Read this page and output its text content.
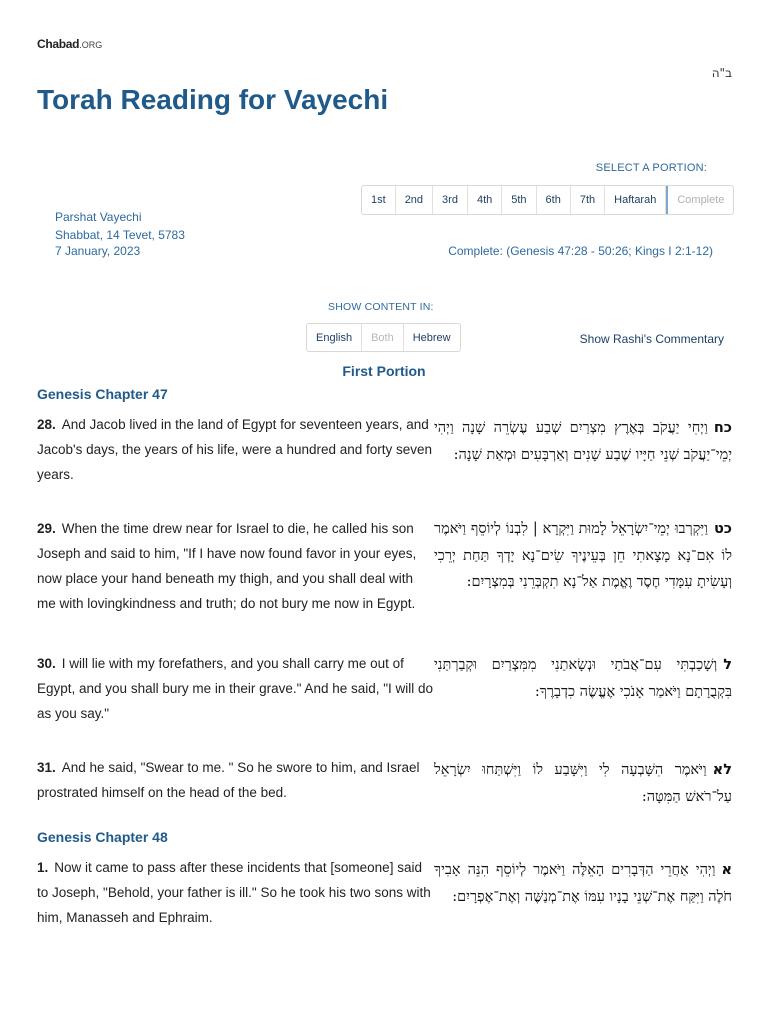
Chabad.ORG
ב"ה
Torah Reading for Vayechi
SELECT A PORTION:
1st	2nd	3rd	4th	5th	6th	7th	Haftarah	Complete
Parshat Vayechi
Shabbat, 14 Tevet, 5783
7 January, 2023	Complete: (Genesis 47:28 - 50:26; Kings I 2:1-12)
SHOW CONTENT IN:
English	Both	Hebrew	Show Rashi's Commentary
First Portion
Genesis Chapter 47
28. And Jacob lived in the land of Egypt for seventeen years, and Jacob's days, the years of his life, were a hundred and forty seven years.
כחוַיְחִי יַעֲקֹב בְּאֶרֶץ מִצְרַיִם שְׁבַע עֶשְׂרֵה שָׁנָה וַיְהִי יְמֵי־יַעֲקֹב שְׁנֵי חַיָּיו שֶׁבַע שָׁנִים וְאַרְבָּעִים וּמְאַת שָׁנָה:
29. When the time drew near for Israel to die, he called his son Joseph and said to him, "If I have now found favor in your eyes, now place your hand beneath my thigh, and you shall deal with me with lovingkindness and truth; do not bury me now in Egypt.
כטוַיִּקְרְבוּ יְמֵי־יִשְׂרָאֵל לָמוּת וַיִּקְרָא | לִבְנוֹ לְיוֹסֵף וַיֹּאמֶר לוֹ אִם־נָא מָצָאתִי חֵן בְּעֵינֶיךָ שִׂים־נָא יָדְךָ תַּחַת יְרֵכִי וְעָשִׂיתָ עִמָּדִי חֶסֶד וֶאֱמֶת אַל־נָא תִקְבְּרֵנִי בְּמִצְרָיִם:
30. I will lie with my forefathers, and you shall carry me out of Egypt, and you shall bury me in their grave." And he said, "I will do as you say."
לוְשָׁכַבְתִּי עִם־אֲבֹתַי וּנְשָׂאתַנִי מִמִּצְרַיִם וּקְבַרְתַּנִי בִּקְבֻרָתָם וַיֹּאמַר אָנֹכִי אֶעֱשֶׂה כִדְבָרֶךָ:
31. And he said, "Swear to me. " So he swore to him, and Israel prostrated himself on the head of the bed.
לאוַיֹּאמֶר הִשָּׁבְעָה לִי וַיִּשָּׁבַע לוֹ וַיִּשְׁתַּחוּ יִשְׂרָאֵל עַל־רֹאשׁ הַמִּטָּה:
Genesis Chapter 48
1. Now it came to pass after these incidents that [someone] said to Joseph, "Behold, your father is ill." So he took his two sons with him, Manasseh and Ephraim.
אוַיְהִי אַחֲרֵי הַדְּבָרִים הָאֵלֶּה וַיֹּאמֶר לְיוֹסֵף הִנֵּה אָבִיךָ חֹלֶה וַיִּקַּח אֶת־שְׁנֵי בָנָיו עִמּוֹ אֶת־מְנַשֶּׁה וְאֶת־אֶפְרָיִם:
